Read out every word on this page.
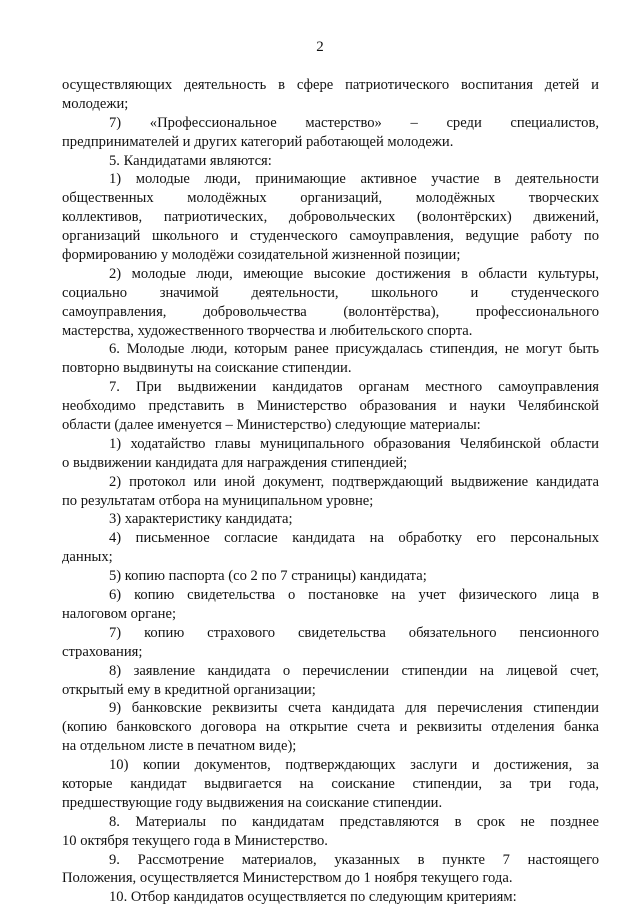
2
осуществляющих деятельность в сфере патриотического воспитания детей и
молодежи;
7) «Профессиональное мастерство» – среди специалистов,
предпринимателей и других категорий работающей молодежи.
5. Кандидатами являются:
1) молодые люди, принимающие активное участие в деятельности
общественных молодёжных организаций, молодёжных творческих
коллективов, патриотических, добровольческих (волонтёрских) движений,
организаций школьного и студенческого самоуправления, ведущие работу по
формированию у молодёжи созидательной жизненной позиции;
2) молодые люди, имеющие высокие достижения в области культуры,
социально значимой деятельности, школьного и студенческого
самоуправления, добровольчества (волонтёрства), профессионального
мастерства, художественного творчества и любительского спорта.
6. Молодые люди, которым ранее присуждалась стипендия, не могут быть
повторно выдвинуты на соискание стипендии.
7. При выдвижении кандидатов органам местного самоуправления
необходимо представить в Министерство образования и науки Челябинской
области (далее именуется – Министерство) следующие материалы:
1) ходатайство главы муниципального образования Челябинской области
о выдвижении кандидата для награждения стипендией;
2) протокол или иной документ, подтверждающий выдвижение кандидата
по результатам отбора на муниципальном уровне;
3) характеристику кандидата;
4) письменное согласие кандидата на обработку его персональных
данных;
5) копию паспорта (со 2 по 7 страницы) кандидата;
6) копию свидетельства о постановке на учет физического лица в
налоговом органе;
7) копию страхового свидетельства обязательного пенсионного
страхования;
8) заявление кандидата о перечислении стипендии на лицевой счет,
открытый ему в кредитной организации;
9) банковские реквизиты счета кандидата для перечисления стипендии
(копию банковского договора на открытие счета и реквизиты отделения банка
на отдельном листе в печатном виде);
10) копии документов, подтверждающих заслуги и достижения, за
которые кандидат выдвигается на соискание стипендии, за три года,
предшествующие году выдвижения на соискание стипендии.
8. Материалы по кандидатам представляются в срок не позднее
10 октября текущего года в Министерство.
9. Рассмотрение материалов, указанных в пункте 7 настоящего
Положения, осуществляется Министерством до 1 ноября текущего года.
10. Отбор кандидатов осуществляется по следующим критериям:
